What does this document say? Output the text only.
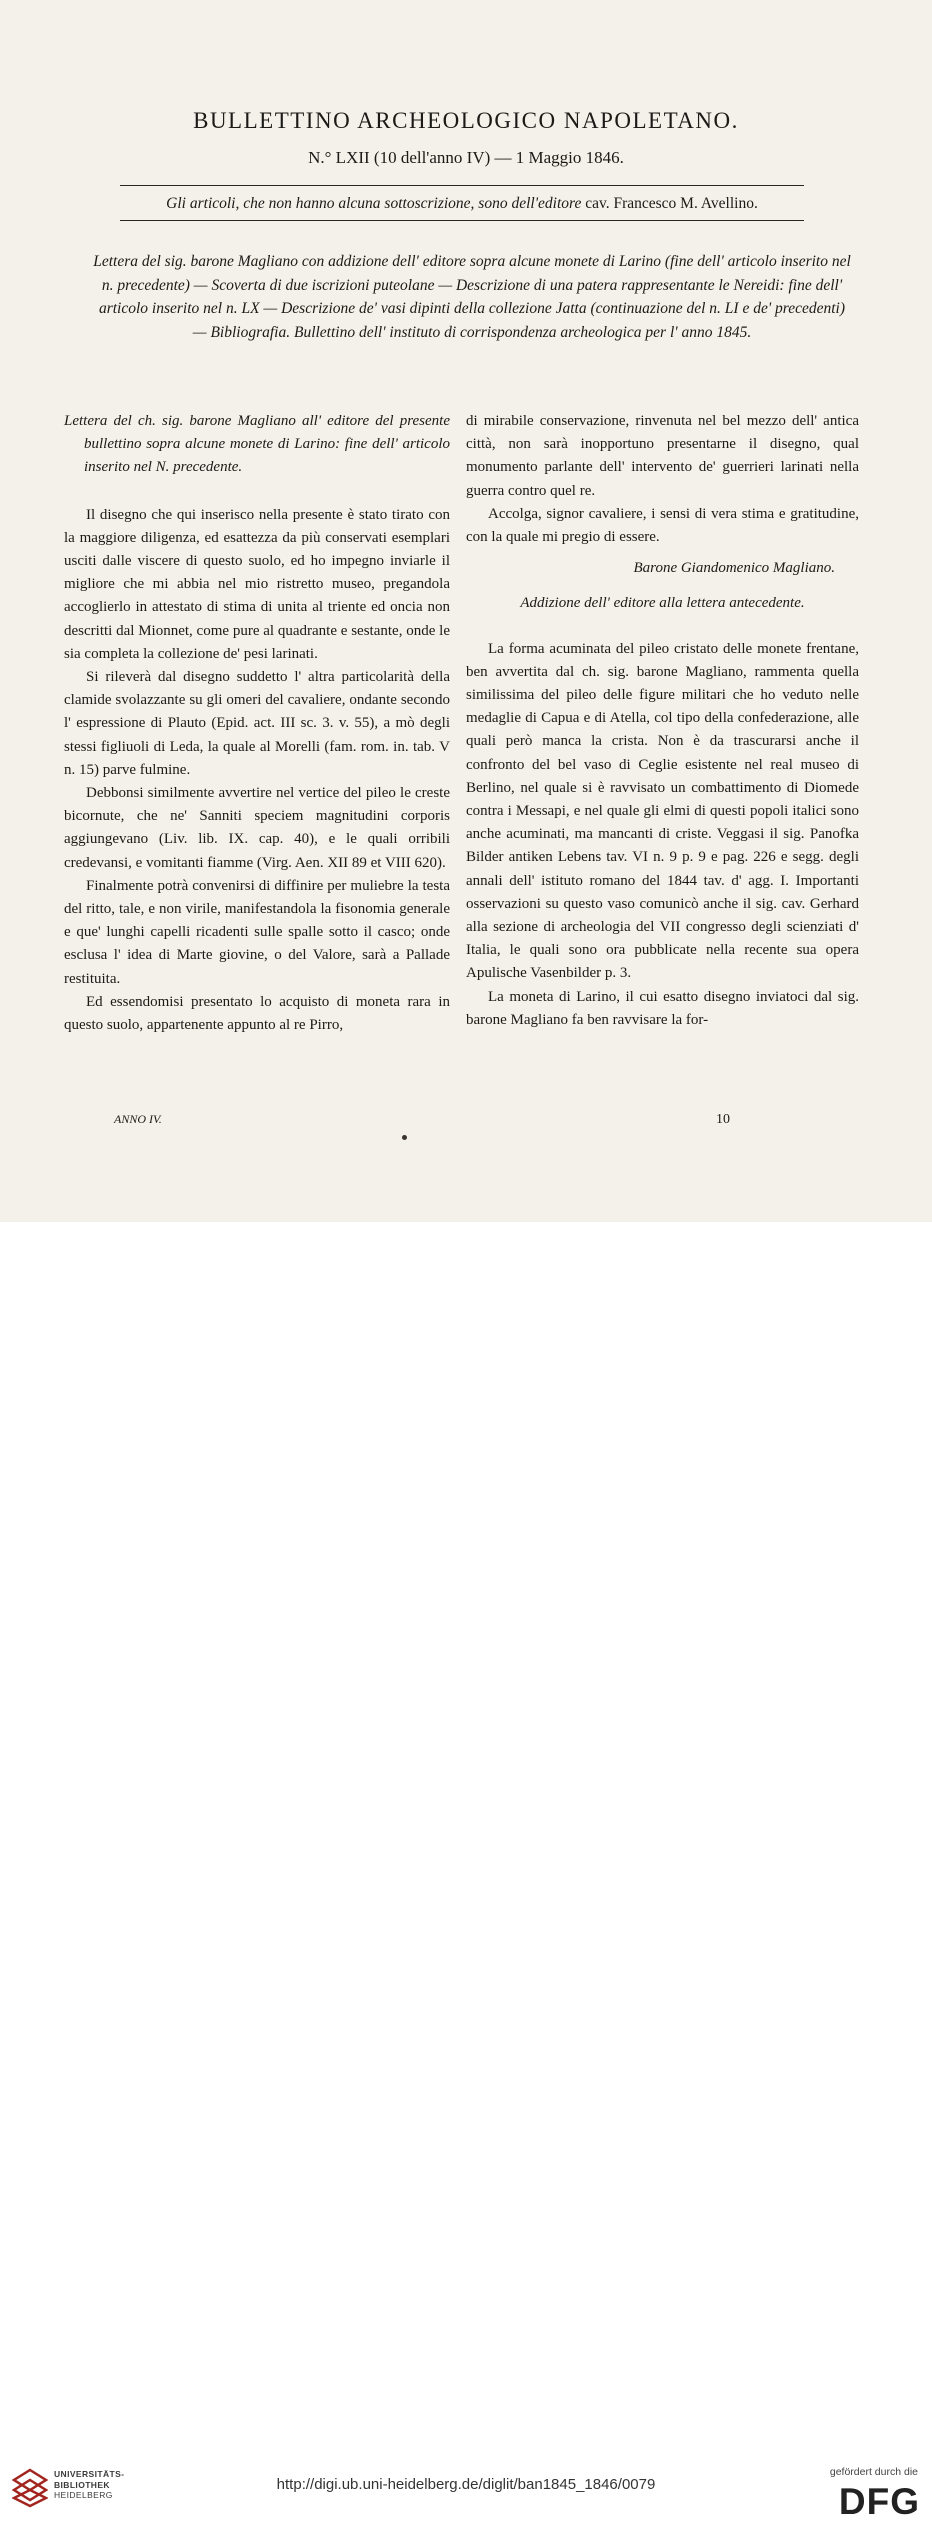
BULLETTINO ARCHEOLOGICO NAPOLETANO.
N.° LXII (10 dell'anno IV) — 1 Maggio 1846.
Gli articoli, che non hanno alcuna sottoscrizione, sono dell'editore cav. Francesco M. Avellino.
Lettera del sig. barone Magliano con addizione dell' editore sopra alcune monete di Larino (fine dell' articolo inserito nel n. precedente) — Scoverta di due iscrizioni puteolane — Descrizione di una patera rappresentante le Nereidi: fine dell' articolo inserito nel n. LX — Descrizione de' vasi dipinti della collezione Jatta (continuazione del n. LI e de' precedenti) — Bibliografia. Bullettino dell' instituto di corrispondenza archeologica per l' anno 1845.

Lettera del ch. sig. barone Magliano all' editore del presente bullettino sopra alcune monete di Larino: fine dell' articolo inserito nel N. precedente.

Il disegno che qui inserisco nella presente è stato tirato con la maggiore diligenza, ed esattezza da più conservati esemplari usciti dalle viscere di questo suolo, ed ho impegno inviarle il migliore che mi abbia nel mio ristretto museo, pregandola accoglierlo in attestato di stima di unita al triente ed oncia non descritti dal Mionnet, come pure al quadrante e sestante, onde le sia completa la collezione de' pesi larinati.

Si rileverà dal disegno suddetto l' altra particolarità della clamide svolazzante su gli omeri del cavaliere, ondante secondo l' espressione di Plauto (Epid. act. III sc. 3. v. 55), a mò degli stessi figliuoli di Leda, la quale al Morelli (fam. rom. in. tab. V n. 15) parve fulmine.

Debbonsi similmente avvertire nel vertice del pileo le creste bicornute, che ne' Sanniti speciem magnitudini corporis aggiungevano (Liv. lib. IX. cap. 40), e le quali orribili credevansi, e vomitanti fiamme (Virg. Aen. XII 89 et VIII 620).

Finalmente potrà convenirsi di diffinire per muliebre la testa del ritto, tale, e non virile, manifestandola la fisonomia generale e que' lunghi capelli ricadenti sulle spalle sotto il casco; onde esclusa l' idea di Marte giovine, o del Valore, sarà a Pallade restituita.

Ed essendomisi presentato lo acquisto di moneta rara in questo suolo, appartenente appunto al re Pirro,

di mirabile conservazione, rinvenuta nel bel mezzo dell' antica città, non sarà inopportuno presentarne il disegno, qual monumento parlante dell' intervento de' guerrieri larinati nella guerra contro quel re.

Accolga, signor cavaliere, i sensi di vera stima e gratitudine, con la quale mi pregio di essere.

Barone Giandomenico Magliano.

Addizione dell' editore alla lettera antecedente.

La forma acuminata del pileo cristato delle monete frentane, ben avvertita dal ch. sig. barone Magliano, rammenta quella similissima del pileo delle figure militari che ho veduto nelle medaglie di Capua e di Atella, col tipo della confederazione, alle quali però manca la crista. Non è da trascurarsi anche il confronto del bel vaso di Ceglie esistente nel real museo di Berlino, nel quale si è ravvisato un combattimento di Diomede contra i Messapi, e nel quale gli elmi di questi popoli italici sono anche acuminati, ma mancanti di criste. Veggasi il sig. Panofka Bilder antiken Lebens tav. VI n. 9 p. 9 e pag. 226 e segg. degli annali dell' istituto romano del 1844 tav. d' agg. I. Importanti osservazioni su questo vaso comunicò anche il sig. cav. Gerhard alla sezione di archeologia del VII congresso degli scienziati d' Italia, le quali sono ora pubblicate nella recente sua opera Apulische Vasenbilder p. 3.

La moneta di Larino, il cui esatto disegno inviatoci dal sig. barone Magliano fa ben ravvisare la for-

ANNO IV.	10
UNIVERSITÄTS-
BIBLIOTHEK
HEIDELBERG
http://digi.ub.uni-heidelberg.de/diglit/ban1845_1846/0079
gefördert durch die
DFG
